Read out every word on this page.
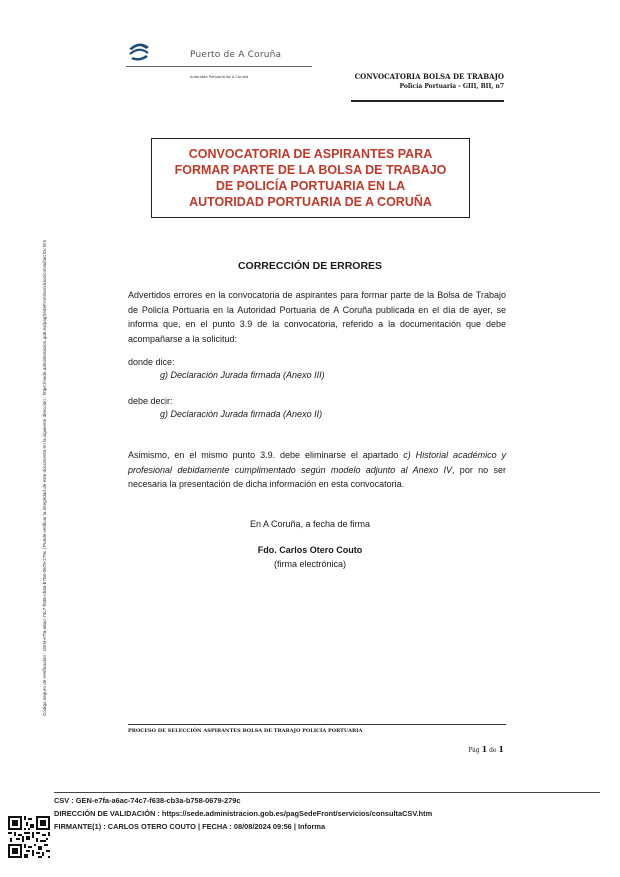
Puerto de A Coruña
Autoridad Portuaria de A Coruña	CONVOCATORIA BOLSA DE TRABAJO
Policía Portuaria - GIII, BII, n7
CONVOCATORIA DE ASPIRANTES PARA
FORMAR PARTE DE LA BOLSA DE TRABAJO
DE POLICÍA PORTUARIA EN LA
AUTORIDAD PORTUARIA DE A CORUÑA
CORRECCIÓN DE ERRORES
Advertidos errores en la convocatoria de aspirantes para formar parte de la Bolsa de Trabajo de Policía Portuaria en la Autoridad Portuaria de A Coruña publicada en el día de ayer, se informa que, en el punto 3.9 de la convocatoria, referido a la documentación que debe acompañarse a la solicitud:
donde dice:
g) Declaración Jurada firmada (Anexo III)
debe decir:
g) Declaración Jurada firmada (Anexo II)
Asimismo, en el mismo punto 3.9. debe eliminarse el apartado c) Historial académico y profesional debidamente cumplimentado según modelo adjunto al Anexo IV, por no ser necesaria la presentación de dicha información en esta convocatoria.
En A Coruña, a fecha de firma
Fdo. Carlos Otero Couto
(firma electrónica)
PROCESO DE SELECCIÓN ASPIRANTES BOLSA DE TRABAJO POLICÍA PORTUARIA
Pág 1 de 1
CSV : GEN-e7fa-a6ac-74c7-f638-cb3a-b758-0679-279c
DIRECCIÓN DE VALIDACIÓN : https://sede.administracion.gob.es/pagSedeFront/servicios/consultaCSV.htm
FIRMANTE(1) : CARLOS OTERO COUTO | FECHA : 08/08/2024 09:56 | Informa
Código seguro de Verificación : GEN-e7fa-a6ac-74c7-f638-cb3a-b758-0679-279c | Puede verificar la integridad de este documento en la siguiente dirección : https://sede.administracion.gob.es/pagSedeFront/servicios/consultaCSV.htm
